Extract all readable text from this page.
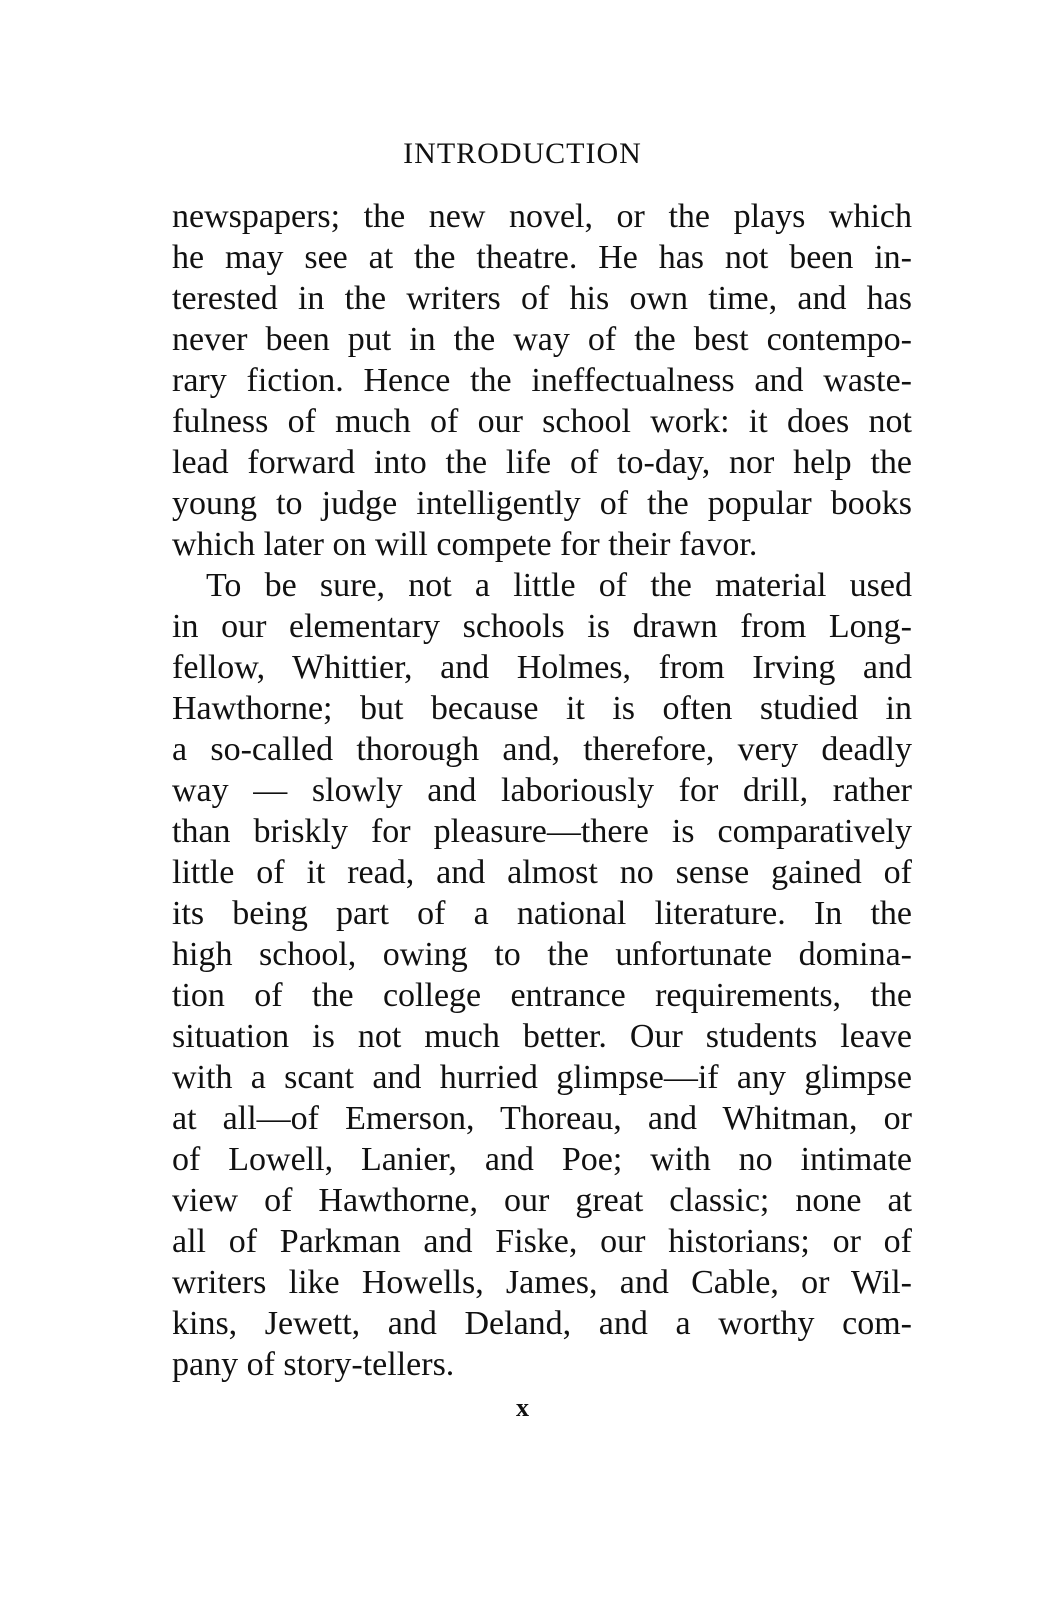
INTRODUCTION
newspapers; the new novel, or the plays which
he may see at the theatre. He has not been in-
terested in the writers of his own time, and has
never been put in the way of the best contempo-
rary fiction. Hence the ineffectualness and waste-
fulness of much of our school work: it does not
lead forward into the life of to-day, nor help the
young to judge intelligently of the popular books
which later on will compete for their favor.
To be sure, not a little of the material used
in our elementary schools is drawn from Long-
fellow, Whittier, and Holmes, from Irving and
Hawthorne; but because it is often studied in
a so-called thorough and, therefore, very deadly
way — slowly and laboriously for drill, rather
than briskly for pleasure—there is comparatively
little of it read, and almost no sense gained of
its being part of a national literature. In the
high school, owing to the unfortunate domina-
tion of the college entrance requirements, the
situation is not much better. Our students leave
with a scant and hurried glimpse—if any glimpse
at all—of Emerson, Thoreau, and Whitman, or
of Lowell, Lanier, and Poe; with no intimate
view of Hawthorne, our great classic; none at
all of Parkman and Fiske, our historians; or of
writers like Howells, James, and Cable, or Wil-
kins, Jewett, and Deland, and a worthy com-
pany of story-tellers.
x
